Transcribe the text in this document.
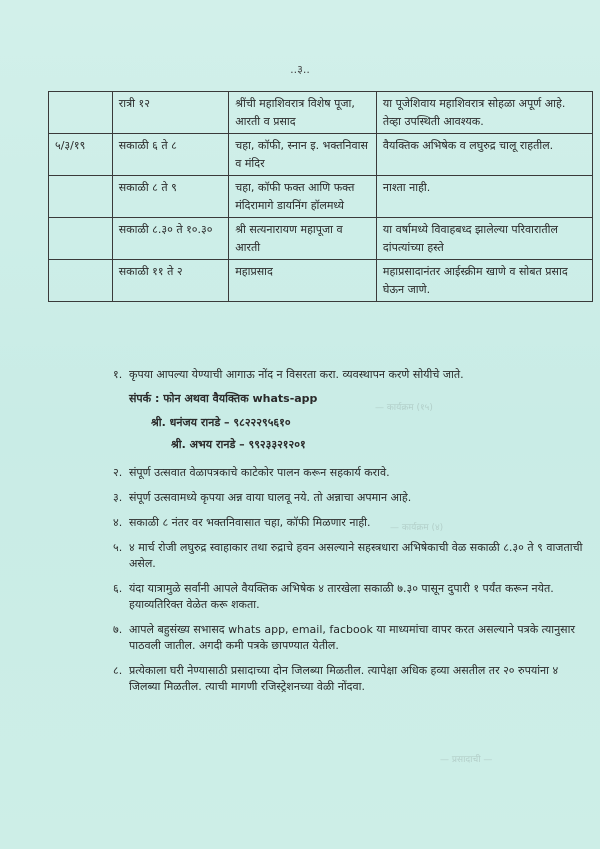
— कार्यक्रम (१५)
— कार्यक्रम (४)
— प्रसादाची —
..३..
	रात्री १२	श्रींची महाशिवरात्र विशेष पूजा, आरती व प्रसाद	या पूजेशिवाय महाशिवरात्र सोहळा अपूर्ण आहे. तेव्हा उपस्थिती आवश्यक.
५/३/१९	सकाळी ६ ते ८	चहा, कॉफी, स्नान इ. भक्तनिवास व मंदिर	वैयक्तिक अभिषेक व लघुरुद्र चालू राहतील.
	सकाळी ८ ते ९	चहा, कॉफी फक्त आणि फक्त मंदिरामागे डायनिंग हॉलमध्ये	नाश्ता नाही.
	सकाळी ८.३० ते १०.३०	श्री सत्यनारायण महापूजा व आरती	या वर्षामध्ये विवाहबध्द झालेल्या परिवारातील दांपत्यांच्या हस्ते
	सकाळी ११ ते २	महाप्रसाद	महाप्रसादानंतर आईस्क्रीम खाणे व सोबत प्रसाद घेऊन जाणे.
१. कृपया आपल्या येण्याची आगाऊ नोंद न विसरता करा. व्यवस्थापन करणे सोयीचे जाते.
संपर्क : फोन अथवा वैयक्तिक whats-app
श्री. धनंजय रानडे – ९८२२२९५६१०
श्री. अभय रानडे – ९९२३३२१२०१
२. संपूर्ण उत्सवात वेळापत्रकाचे काटेकोर पालन करून सहकार्य करावे.
३. संपूर्ण उत्सवामध्ये कृपया अन्न वाया घालवू नये. तो अन्नाचा अपमान आहे.
४. सकाळी ८ नंतर वर भक्तनिवासात चहा, कॉफी मिळणार नाही.
५. ४ मार्च रोजी लघुरुद्र स्वाहाकार तथा रुद्राचे हवन असल्याने सहस्त्रधारा अभिषेकाची वेळ सकाळी ८.३० ते ९ वाजताची असेल.
६. यंदा यात्रामुळे सर्वांनी आपले वैयक्तिक अभिषेक ४ तारखेला सकाळी ७.३० पासून दुपारी १ पर्यंत करून नयेत. हयाव्यतिरिक्त वेळेत करू शकता.
७. आपले बहुसंख्य सभासद whats app, email, facbook या माध्यमांचा वापर करत असल्याने पत्रके त्यानुसार पाठवली जातील. अगदी कमी पत्रके छापण्यात येतील.
८. प्रत्येकाला घरी नेण्यासाठी प्रसादाच्या दोन जिलब्या मिळतील. त्यापेक्षा अधिक हव्या असतील तर २० रुपयांना ४ जिलब्या मिळतील. त्याची मागणी रजिस्ट्रेशनच्या वेळी नोंदवा.
